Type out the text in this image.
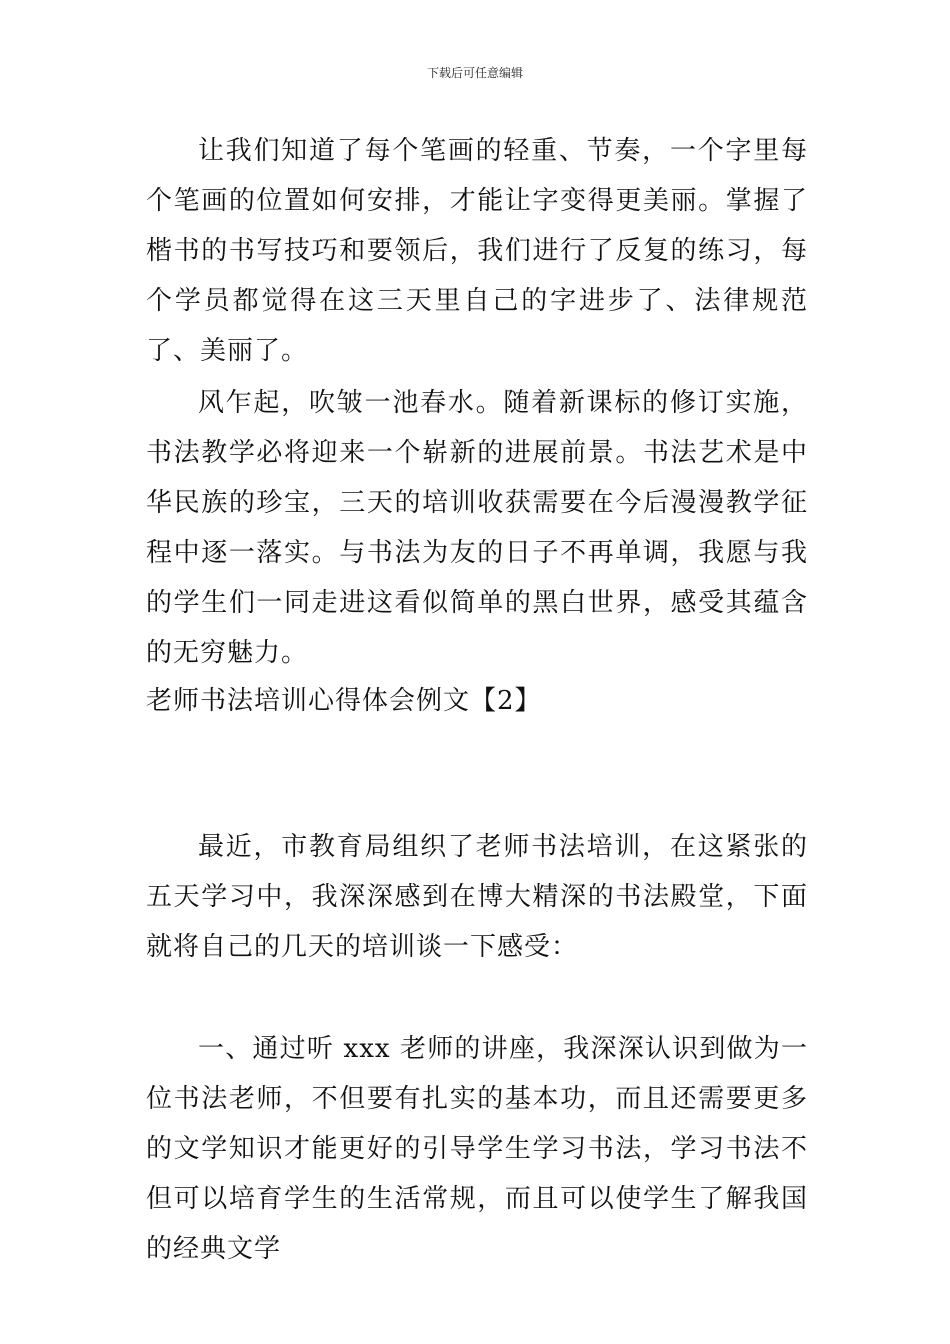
下载后可任意编辑

让我们知道了每个笔画的轻重、节奏，一个字里每个笔画的位置如何安排，才能让字变得更美丽。掌握了楷书的书写技巧和要领后，我们进行了反复的练习，每个学员都觉得在这三天里自己的字进步了、法律规范了、美丽了。

风乍起，吹皱一池春水。随着新课标的修订实施，书法教学必将迎来一个崭新的进展前景。书法艺术是中华民族的珍宝，三天的培训收获需要在今后漫漫教学征程中逐一落实。与书法为友的日子不再单调，我愿与我的学生们一同走进这看似简单的黑白世界，感受其蕴含的无穷魅力。

老师书法培训心得体会例文【2】

最近，市教育局组织了老师书法培训，在这紧张的五天学习中，我深深感到在博大精深的书法殿堂，下面就将自己的几天的培训谈一下感受：

一、通过听 xxx 老师的讲座，我深深认识到做为一位书法老师，不但要有扎实的基本功，而且还需要更多的文学知识才能更好的引导学生学习书法，学习书法不但可以培育学生的生活常规，而且可以使学生了解我国的经典文学
